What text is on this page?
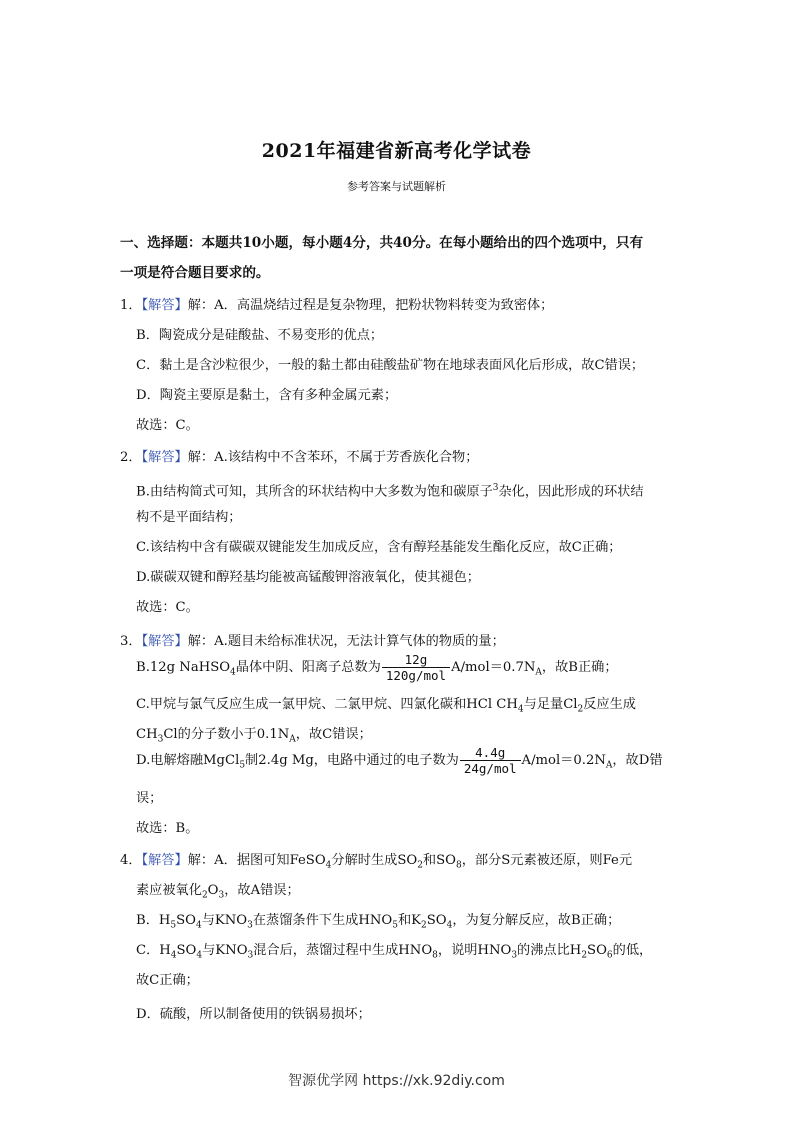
2021年福建省新高考化学试卷
参考答案与试题解析
一、选择题：本题共10小题，每小题4分，共40分。在每小题给出的四个选项中，只有
一项是符合题目要求的。
1．【解答】解：A．高温烧结过程是复杂物理，把粉状物料转变为致密体；
B．陶瓷成分是硅酸盐、不易变形的优点；
C．黏土是含沙粒很少，一般的黏土都由硅酸盐矿物在地球表面风化后形成，故C错误；
D．陶瓷主要原是黏土，含有多种金属元素；
故选：C。
2．【解答】解：A.该结构中不含苯环，不属于芳香族化合物；
B.由结构简式可知，其所含的环状结构中大多数为饱和碳原子$^3$杂化，因此形成的环状结
构不是平面结构；
C.该结构中含有碳碳双键能发生加成反应，含有醇羟基能发生酯化反应，故C正确；
D.碳碳双键和醇羟基均能被高锰酸钾溶液氧化，使其褪色；
故选：C。
3．【解答】解：A.题目未给标准状况，无法计算气体的物质的量；
B.12g NaHSO$_4$晶体中阴、阳离子总数为 $\frac{12g}{\text{120g/mol}} A/mol=0.7N_A$，故B正确；
C.甲烷与氯气反应生成一氯甲烷、二氯甲烷、四氯化碳和HCl $CH_4$与足量$Cl_2$反应生成
$CH_3Cl$的分子数小于$0.1N_A$，故C错误；
D.电解熔融MgCl$_5$制2.4g Mg，电路中通过的电子数为 $\frac{4.4g}{\text{24g/mol}} A/mol=0.2N_A$，故D错
误；
故选：B。
4．【解答】解：A．据图可知FeSO$_4$分解时生成$SO_2$和$SO_8$，部分S元素被还原，则Fe元
素应被氧化$_2O_3$，故A错误；
B．$H_5SO_4$与$KNO_3$在蒸馏条件下生成$HNO_5$和$K_2SO_4$，为复分解反应，故B正确；
C．$H_4SO_4$与$KNO_3$混合后，蒸馏过程中生成$HNO_8$，说明$HNO_3$的沸点比$H_2SO_6$的低，
故C正确；
D．硫酸，所以制备使用的铁锅易损坏；
智源优学网 https://xk.92diy.com
